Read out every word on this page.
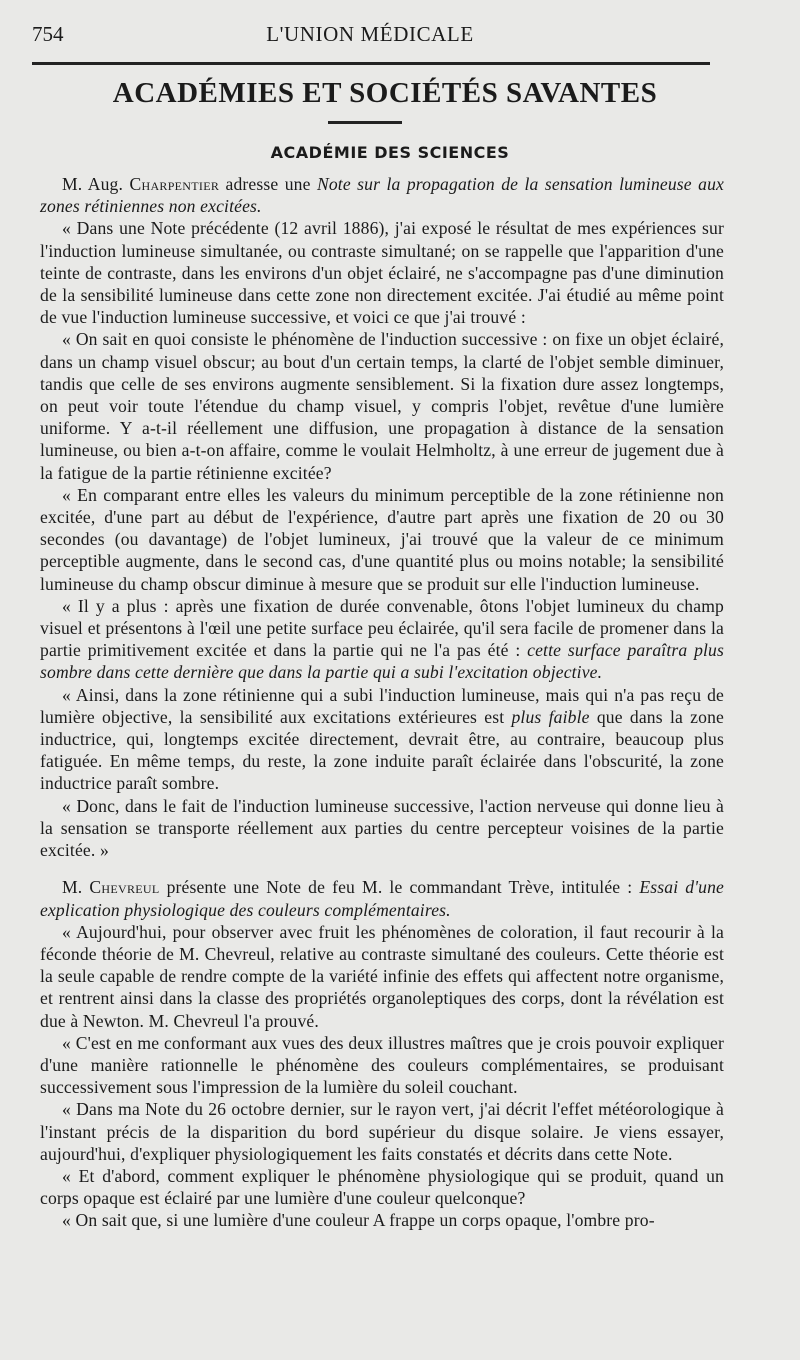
754	L'UNION MÉDICALE
ACADÉMIES ET SOCIÉTÉS SAVANTES
ACADÉMIE DES SCIENCES

M. Aug. Charpentier adresse une Note sur la propagation de la sensation lumineuse aux zones rétiniennes non excitées.

« Dans une Note précédente (12 avril 1886), j'ai exposé le résultat de mes expériences sur l'induction lumineuse simultanée, ou contraste simultané; on se rappelle que l'apparition d'une teinte de contraste, dans les environs d'un objet éclairé, ne s'accompagne pas d'une diminution de la sensibilité lumineuse dans cette zone non directement excitée. J'ai étudié au même point de vue l'induction lumineuse successive, et voici ce que j'ai trouvé :

« On sait en quoi consiste le phénomène de l'induction successive : on fixe un objet éclairé, dans un champ visuel obscur; au bout d'un certain temps, la clarté de l'objet semble diminuer, tandis que celle de ses environs augmente sensiblement. Si la fixation dure assez longtemps, on peut voir toute l'étendue du champ visuel, y compris l'objet, revêtue d'une lumière uniforme. Y a-t-il réellement une diffusion, une propagation à distance de la sensation lumineuse, ou bien a-t-on affaire, comme le voulait Helmholtz, à une erreur de jugement due à la fatigue de la partie rétinienne excitée?

« En comparant entre elles les valeurs du minimum perceptible de la zone rétinienne non excitée, d'une part au début de l'expérience, d'autre part après une fixation de 20 ou 30 secondes (ou davantage) de l'objet lumineux, j'ai trouvé que la valeur de ce minimum perceptible augmente, dans le second cas, d'une quantité plus ou moins notable; la sensibilité lumineuse du champ obscur diminue à mesure que se produit sur elle l'induction lumineuse.

« Il y a plus : après une fixation de durée convenable, ôtons l'objet lumineux du champ visuel et présentons à l'œil une petite surface peu éclairée, qu'il sera facile de promener dans la partie primitivement excitée et dans la partie qui ne l'a pas été : cette surface paraîtra plus sombre dans cette dernière que dans la partie qui a subi l'excitation objective.

« Ainsi, dans la zone rétinienne qui a subi l'induction lumineuse, mais qui n'a pas reçu de lumière objective, la sensibilité aux excitations extérieures est plus faible que dans la zone inductrice, qui, longtemps excitée directement, devrait être, au contraire, beaucoup plus fatiguée. En même temps, du reste, la zone induite paraît éclairée dans l'obscurité, la zone inductrice paraît sombre.

« Donc, dans le fait de l'induction lumineuse successive, l'action nerveuse qui donne lieu à la sensation se transporte réellement aux parties du centre percepteur voisines de la partie excitée. »

M. Chevreul présente une Note de feu M. le commandant Trève, intitulée : Essai d'une explication physiologique des couleurs complémentaires.

« Aujourd'hui, pour observer avec fruit les phénomènes de coloration, il faut recourir à la féconde théorie de M. Chevreul, relative au contraste simultané des couleurs. Cette théorie est la seule capable de rendre compte de la variété infinie des effets qui affectent notre organisme, et rentrent ainsi dans la classe des propriétés organoleptiques des corps, dont la révélation est due à Newton. M. Chevreul l'a prouvé.

« C'est en me conformant aux vues des deux illustres maîtres que je crois pouvoir expliquer d'une manière rationnelle le phénomène des couleurs complémentaires, se produisant successivement sous l'impression de la lumière du soleil couchant.

« Dans ma Note du 26 octobre dernier, sur le rayon vert, j'ai décrit l'effet météorologique à l'instant précis de la disparition du bord supérieur du disque solaire. Je viens essayer, aujourd'hui, d'expliquer physiologiquement les faits constatés et décrits dans cette Note.

« Et d'abord, comment expliquer le phénomène physiologique qui se produit, quand un corps opaque est éclairé par une lumière d'une couleur quelconque?

« On sait que, si une lumière d'une couleur A frappe un corps opaque, l'ombre pro-
